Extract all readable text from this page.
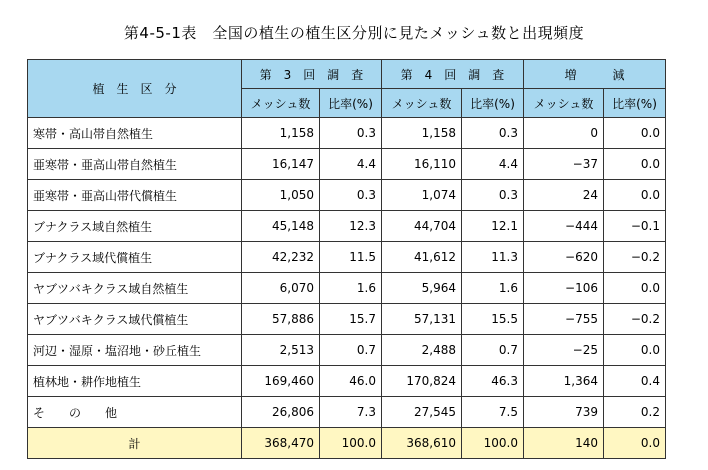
第4-5-1表　全国の植生の植生区分別に見たメッシュ数と出現頻度
植　生　区　分	第　3　回　調　査		第　4　回　調　査		増　　　減	
	メッシュ数	比率(%)	メッシュ数	比率(%)	メッシュ数	比率(%)
寒帯・高山帯自然植生	1,158	0.3	1,158	0.3	0	0.0
亜寒帯・亜高山帯自然植生	16,147	4.4	16,110	4.4	−37	0.0
亜寒帯・亜高山帯代償植生	1,050	0.3	1,074	0.3	24	0.0
ブナクラス域自然植生	45,148	12.3	44,704	12.1	−444	−0.1
ブナクラス域代償植生	42,232	11.5	41,612	11.3	−620	−0.2
ヤブツバキクラス域自然植生	6,070	1.6	5,964	1.6	−106	0.0
ヤブツバキクラス域代償植生	57,886	15.7	57,131	15.5	−755	−0.2
河辺・湿原・塩沼地・砂丘植生	2,513	0.7	2,488	0.7	−25	0.0
植林地・耕作地植生	169,460	46.0	170,824	46.3	1,364	0.4
そ　　の　　他	26,806	7.3	27,545	7.5	739	0.2
計	368,470	100.0	368,610	100.0	140	0.0
